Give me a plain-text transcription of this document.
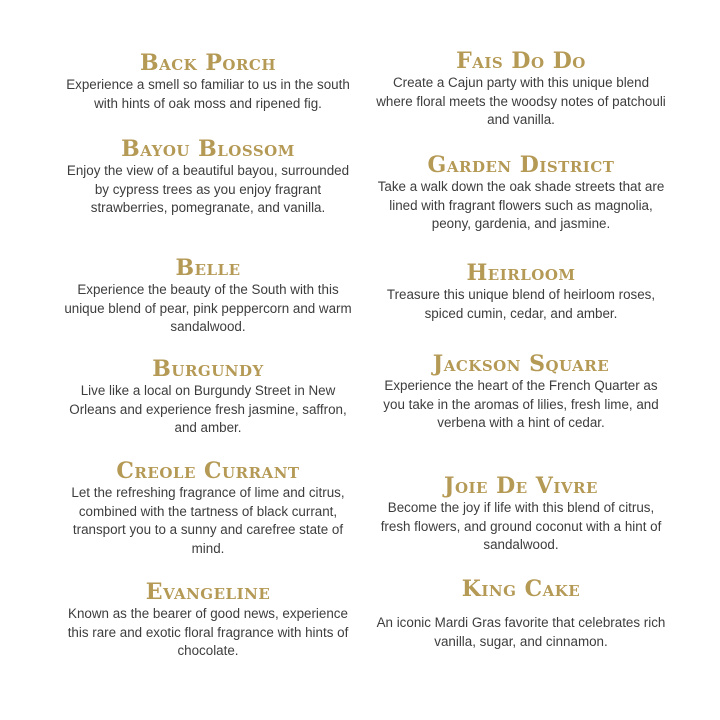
Back Porch

Experience a smell so familiar to us in the south with hints of oak moss and ripened fig.

Bayou Blossom

Enjoy the view of a beautiful bayou, surrounded by cypress trees as you enjoy fragrant strawberries, pomegranate, and vanilla.

Belle

Experience the beauty of the South with this unique blend of pear, pink peppercorn and warm sandalwood.

Burgundy

Live like a local on Burgundy Street in New Orleans and experience fresh jasmine, saffron, and amber.

Creole Currant

Let the refreshing fragrance of lime and citrus, combined with the tartness of black currant, transport you to a sunny and carefree state of mind.

Evangeline

Known as the bearer of good news, experience this rare and exotic floral fragrance with hints of chocolate.

Fais Do Do

Create a Cajun party with this unique blend where floral meets the woodsy notes of patchouli and vanilla.

Garden District

Take a walk down the oak shade streets that are lined with fragrant flowers such as magnolia, peony, gardenia, and jasmine.

Heirloom

Treasure this unique blend of heirloom roses, spiced cumin, cedar, and amber.

Jackson Square

Experience the heart of the French Quarter as you take in the aromas of lilies, fresh lime, and verbena with a hint of cedar.

Joie De Vivre

Become the joy if life with this blend of citrus, fresh flowers, and ground coconut with a hint of sandalwood.

King Cake

An iconic Mardi Gras favorite that celebrates rich vanilla, sugar, and cinnamon.
